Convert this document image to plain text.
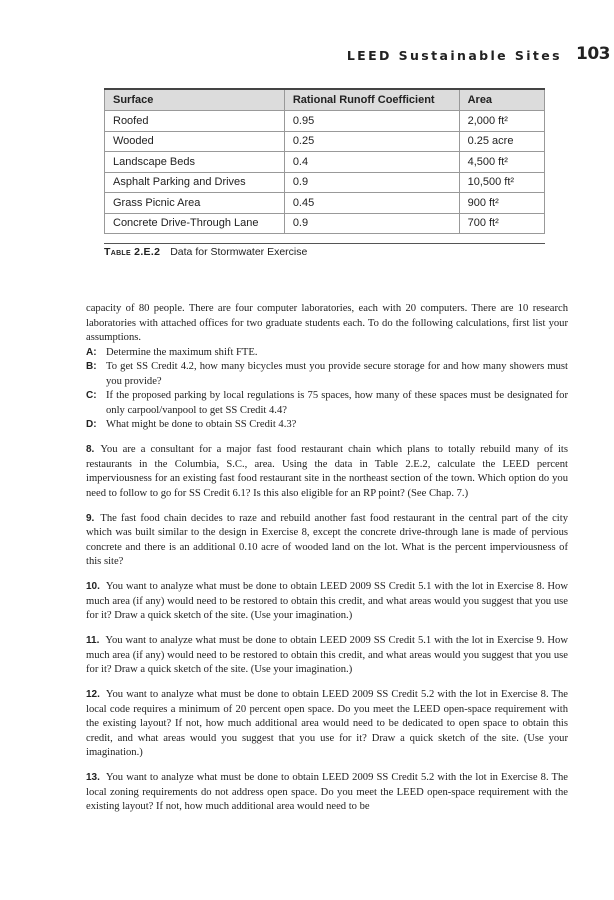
LEED Sustainable Sites 103
Surface	Rational Runoff Coefficient	Area
Roofed	0.95	2,000 ft²
Wooded	0.25	0.25 acre
Landscape Beds	0.4	4,500 ft²
Asphalt Parking and Drives	0.9	10,500 ft²
Grass Picnic Area	0.45	900 ft²
Concrete Drive-Through Lane	0.9	700 ft²
Table 2.E.2 Data for Stormwater Exercise

capacity of 80 people. There are four computer laboratories, each with 20 computers. There are 10 research laboratories with attached offices for two graduate students each. To do the following calculations, first list your assumptions.

A: Determine the maximum shift FTE.
B: To get SS Credit 4.2, how many bicycles must you provide secure storage for and how many showers must you provide?
C: If the proposed parking by local regulations is 75 spaces, how many of these spaces must be designated for only carpool/vanpool to get SS Credit 4.4?
D: What might be done to obtain SS Credit 4.3?

8. You are a consultant for a major fast food restaurant chain which plans to totally rebuild many of its restaurants in the Columbia, S.C., area. Using the data in Table 2.E.2, calculate the LEED percent imperviousness for an existing fast food restaurant site in the northeast section of the town. Which option do you need to follow to go for SS Credit 6.1? Is this also eligible for an RP point? (See Chap. 7.)

9. The fast food chain decides to raze and rebuild another fast food restaurant in the central part of the city which was built similar to the design in Exercise 8, except the concrete drive-through lane is made of pervious concrete and there is an additional 0.10 acre of wooded land on the lot. What is the percent imperviousness of this site?

10. You want to analyze what must be done to obtain LEED 2009 SS Credit 5.1 with the lot in Exercise 8. How much area (if any) would need to be restored to obtain this credit, and what areas would you suggest that you use for it? Draw a quick sketch of the site. (Use your imagination.)

11. You want to analyze what must be done to obtain LEED 2009 SS Credit 5.1 with the lot in Exercise 9. How much area (if any) would need to be restored to obtain this credit, and what areas would you suggest that you use for it? Draw a quick sketch of the site. (Use your imagination.)

12. You want to analyze what must be done to obtain LEED 2009 SS Credit 5.2 with the lot in Exercise 8. The local code requires a minimum of 20 percent open space. Do you meet the LEED open-space requirement with the existing layout? If not, how much additional area would need to be dedicated to open space to obtain this credit, and what areas would you suggest that you use for it? Draw a quick sketch of the site. (Use your imagination.)

13. You want to analyze what must be done to obtain LEED 2009 SS Credit 5.2 with the lot in Exercise 8. The local zoning requirements do not address open space. Do you meet the LEED open-space requirement with the existing layout? If not, how much additional area would need to be
